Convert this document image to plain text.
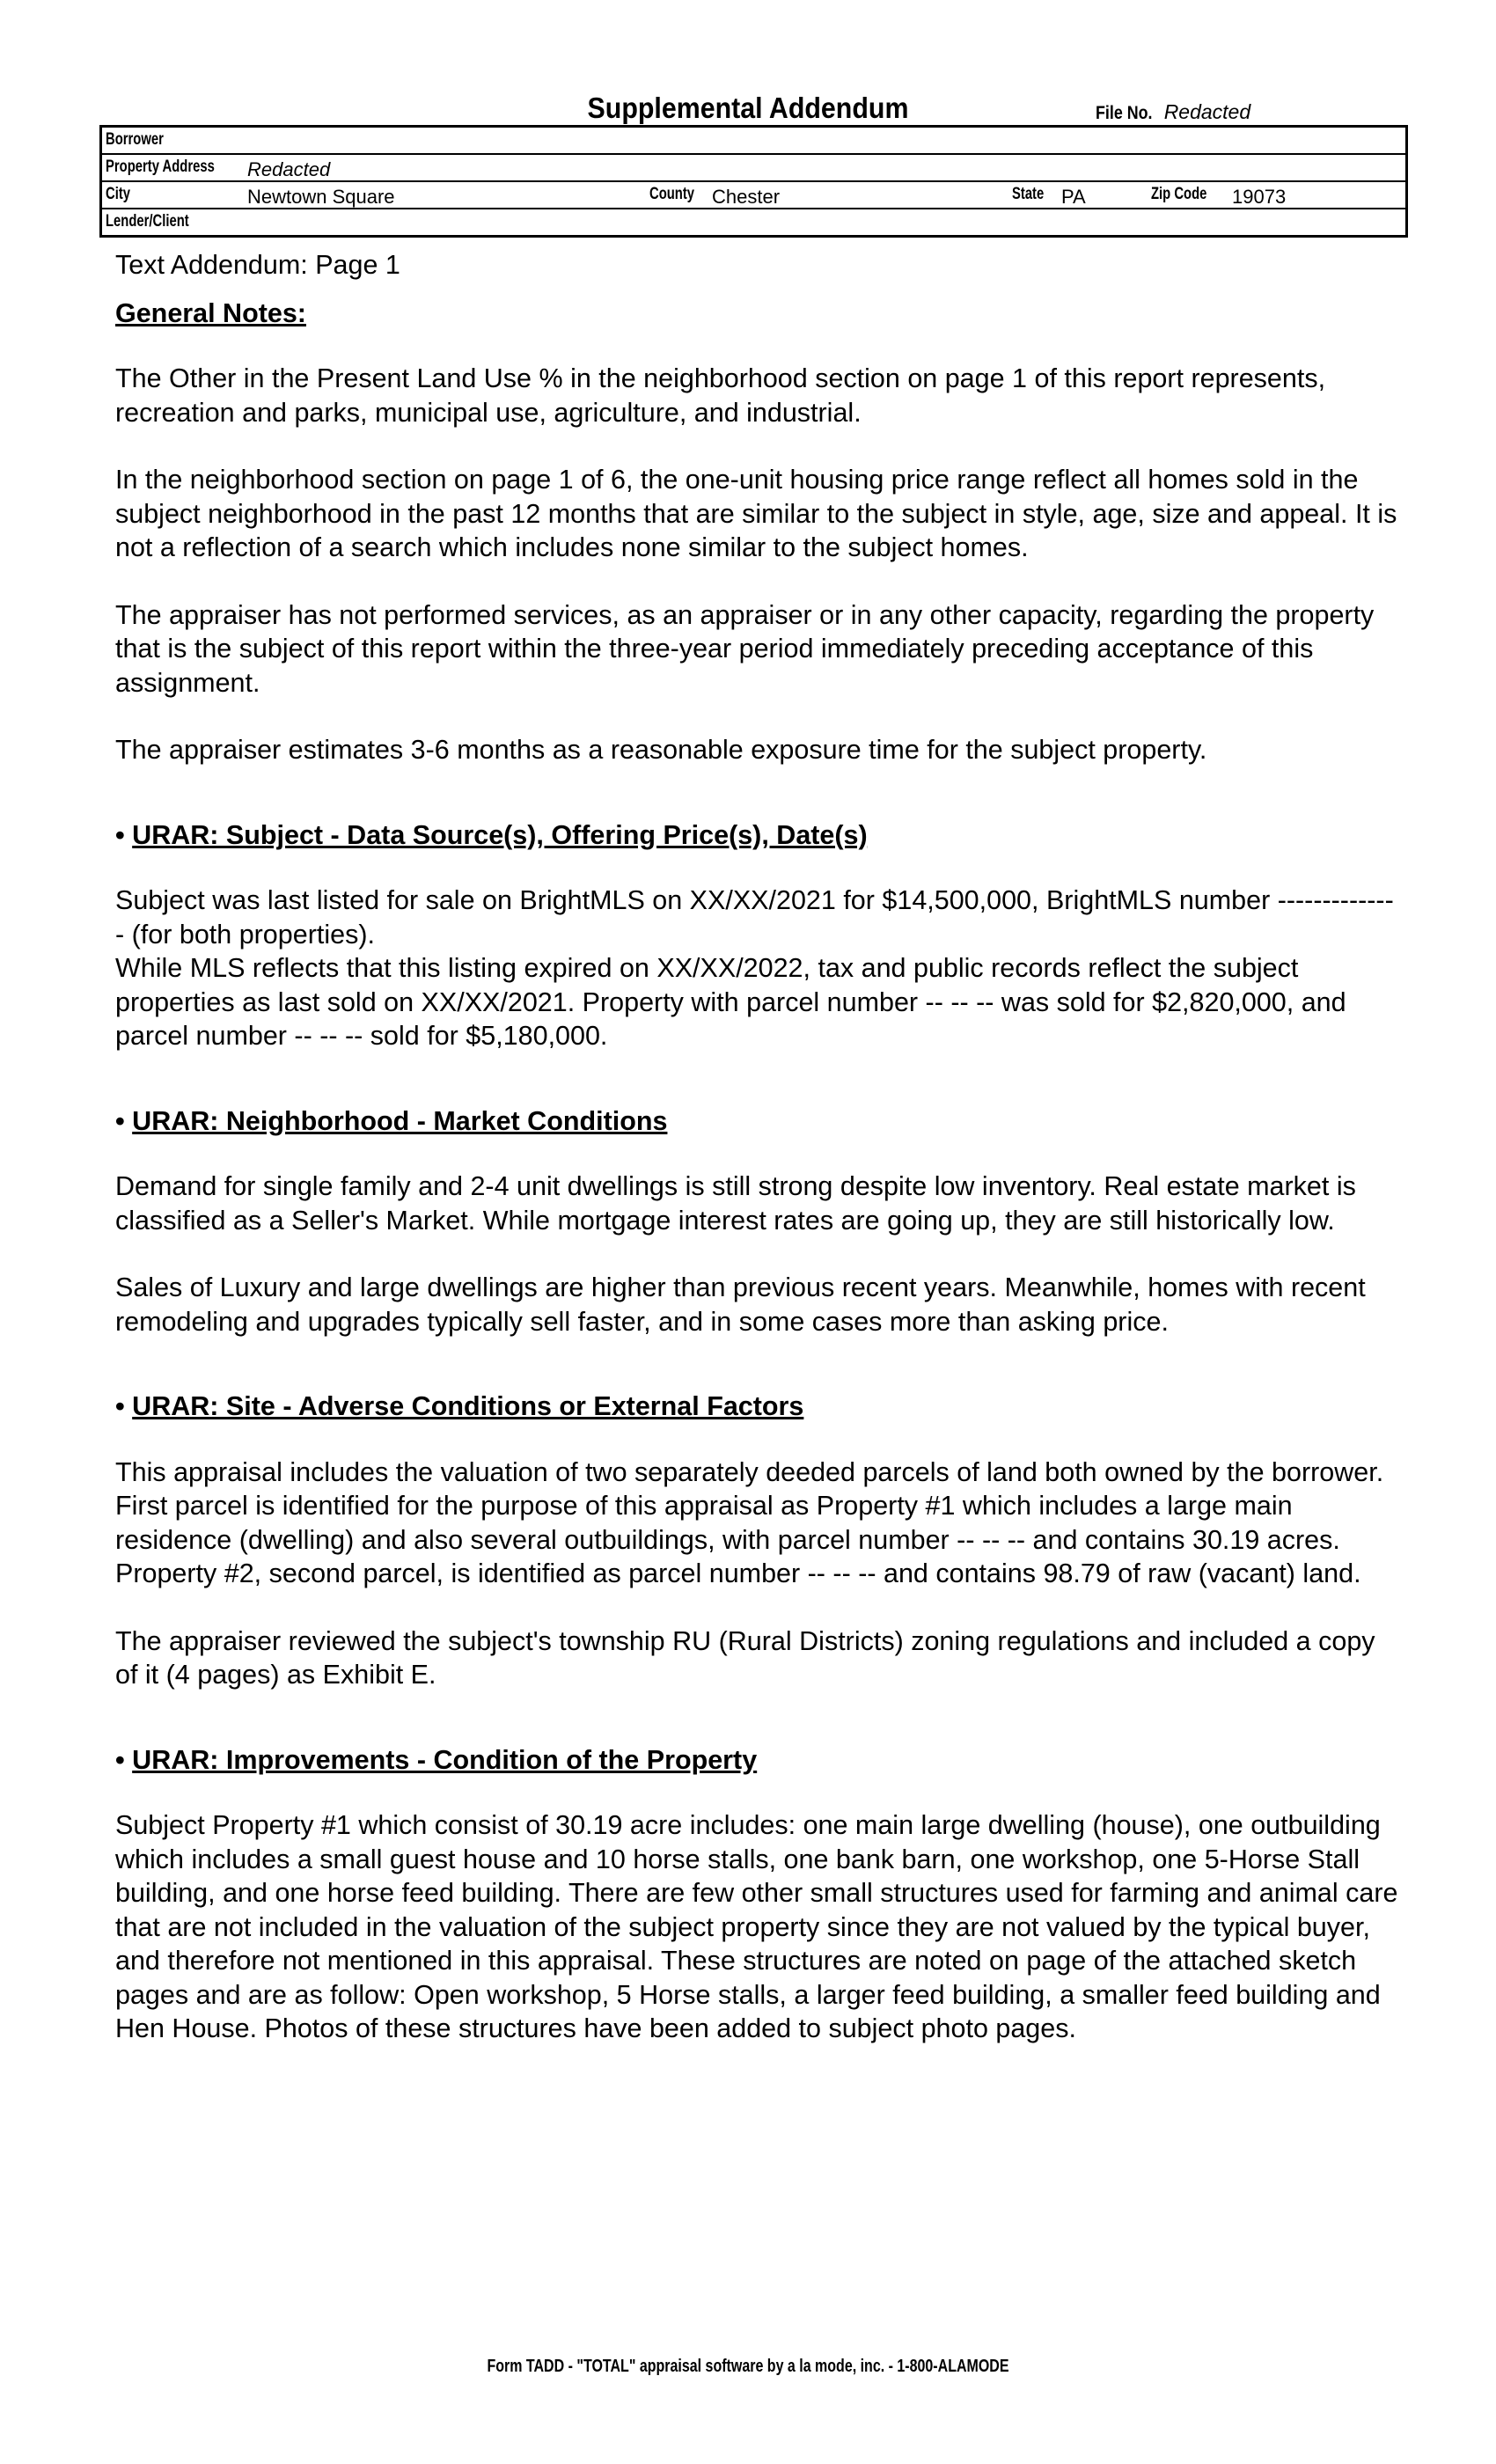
Supplemental Addendum	File No. Redacted
Borrower
Property Address Redacted
City	Newtown Square	County Chester	State PA	Zip Code 19073
Lender/Client

Text Addendum: Page 1

General Notes:

The Other in the Present Land Use % in the neighborhood section on page 1 of this report represents, recreation and parks, municipal use, agriculture, and industrial.

In the neighborhood section on page 1 of 6, the one-unit housing price range reflect all homes sold in the subject neighborhood in the past 12 months that are similar to the subject in style, age, size and appeal. It is not a reflection of a search which includes none similar to the subject homes.

The appraiser has not performed services, as an appraiser or in any other capacity, regarding the property that is the subject of this report within the three-year period immediately preceding acceptance of this assignment.

The appraiser estimates 3-6 months as a reasonable exposure time for the subject property.

• URAR: Subject - Data Source(s), Offering Price(s), Date(s)

Subject was last listed for sale on BrightMLS on XX/XX/2021 for $14,500,000, BrightMLS number -------------- (for both properties).

While MLS reflects that this listing expired on XX/XX/2022, tax and public records reflect the subject properties as last sold on XX/XX/2021. Property with parcel number -- -- -- was sold for $2,820,000, and parcel number -- -- -- sold for $5,180,000.

• URAR: Neighborhood - Market Conditions

Demand for single family and 2-4 unit dwellings is still strong despite low inventory. Real estate market is classified as a Seller's Market. While mortgage interest rates are going up, they are still historically low.

Sales of Luxury and large dwellings are higher than previous recent years. Meanwhile, homes with recent remodeling and upgrades typically sell faster, and in some cases more than asking price.

• URAR: Site - Adverse Conditions or External Factors

This appraisal includes the valuation of two separately deeded parcels of land both owned by the borrower. First parcel is identified for the purpose of this appraisal as Property #1 which includes a large main residence (dwelling) and also several outbuildings, with parcel number -- -- -- and contains 30.19 acres. Property #2, second parcel, is identified as parcel number -- -- -- and contains 98.79 of raw (vacant) land.

The appraiser reviewed the subject's township RU (Rural Districts) zoning regulations and included a copy of it (4 pages) as Exhibit E.

• URAR: Improvements - Condition of the Property

Subject Property #1 which consist of 30.19 acre includes: one main large dwelling (house), one outbuilding which includes a small guest house and 10 horse stalls, one bank barn, one workshop, one 5-Horse Stall building, and one horse feed building. There are few other small structures used for farming and animal care that are not included in the valuation of the subject property since they are not valued by the typical buyer, and therefore not mentioned in this appraisal. These structures are noted on page of the attached sketch pages and are as follow: Open workshop, 5 Horse stalls, a larger feed building, a smaller feed building and Hen House. Photos of these structures have been added to subject photo pages.

Form TADD - "TOTAL" appraisal software by a la mode, inc. - 1-800-ALAMODE
